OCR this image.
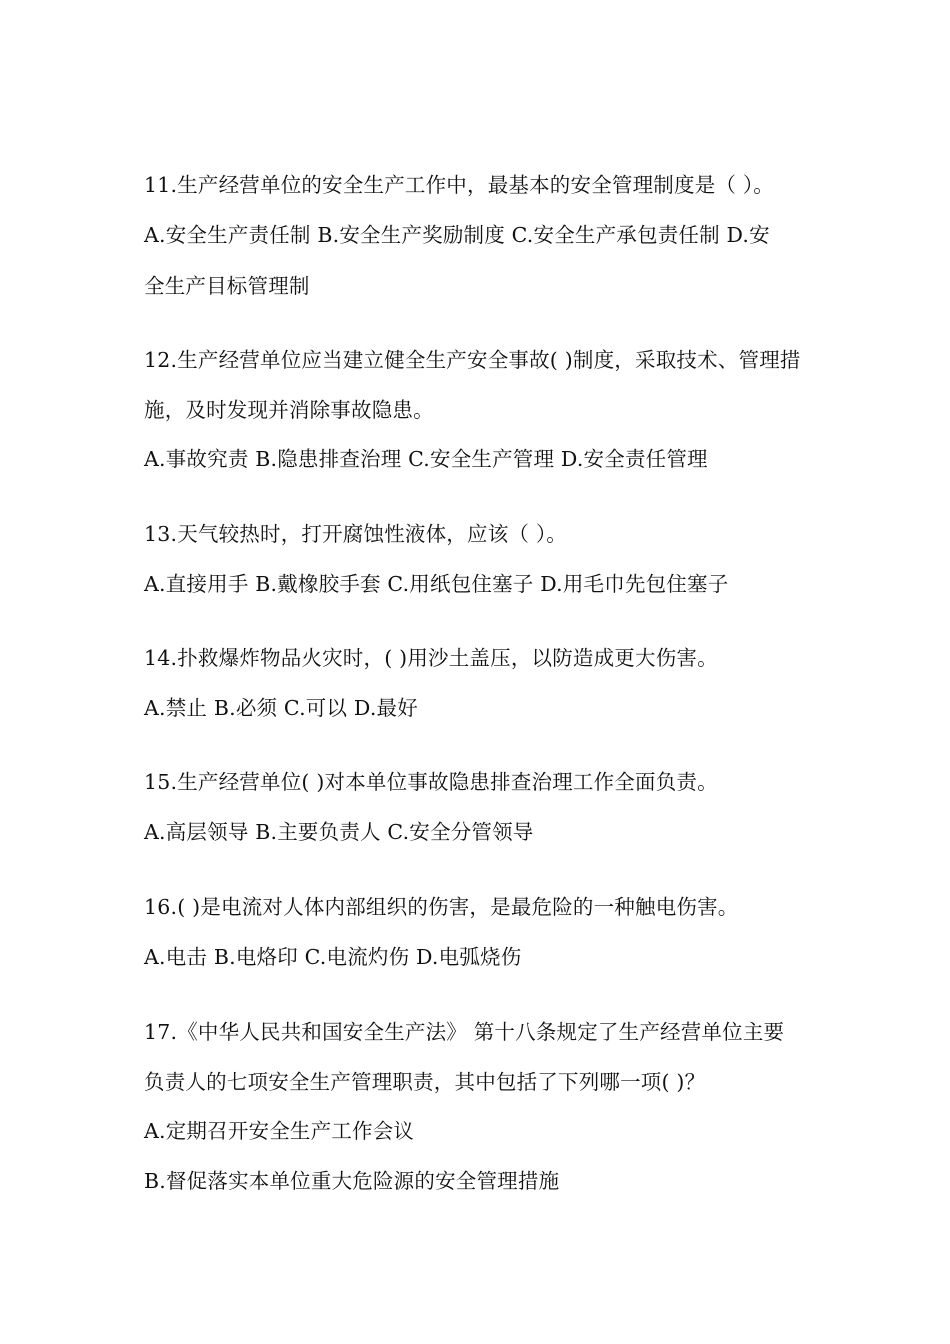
11.生产经营单位的安全生产工作中，最基本的安全管理制度是（ ）。
A.安全生产责任制 B.安全生产奖励制度 C.安全生产承包责任制 D.安
全生产目标管理制
12.生产经营单位应当建立健全生产安全事故( )制度，采取技术、管理措
施，及时发现并消除事故隐患。
A.事故究责 B.隐患排查治理 C.安全生产管理 D.安全责任管理
13.天气较热时，打开腐蚀性液体，应该（ ）。
A.直接用手 B.戴橡胶手套 C.用纸包住塞子 D.用毛巾先包住塞子
14.扑救爆炸物品火灾时，( )用沙土盖压，以防造成更大伤害。
A.禁止 B.必须 C.可以 D.最好
15.生产经营单位( )对本单位事故隐患排查治理工作全面负责。
A.高层领导 B.主要负责人 C.安全分管领导
16.( )是电流对人体内部组织的伤害，是最危险的一种触电伤害。
A.电击 B.电烙印 C.电流灼伤 D.电弧烧伤
17.《中华人民共和国安全生产法》 第十八条规定了生产经营单位主要
负责人的七项安全生产管理职责，其中包括了下列哪一项( )？
A.定期召开安全生产工作会议
B.督促落实本单位重大危险源的安全管理措施
